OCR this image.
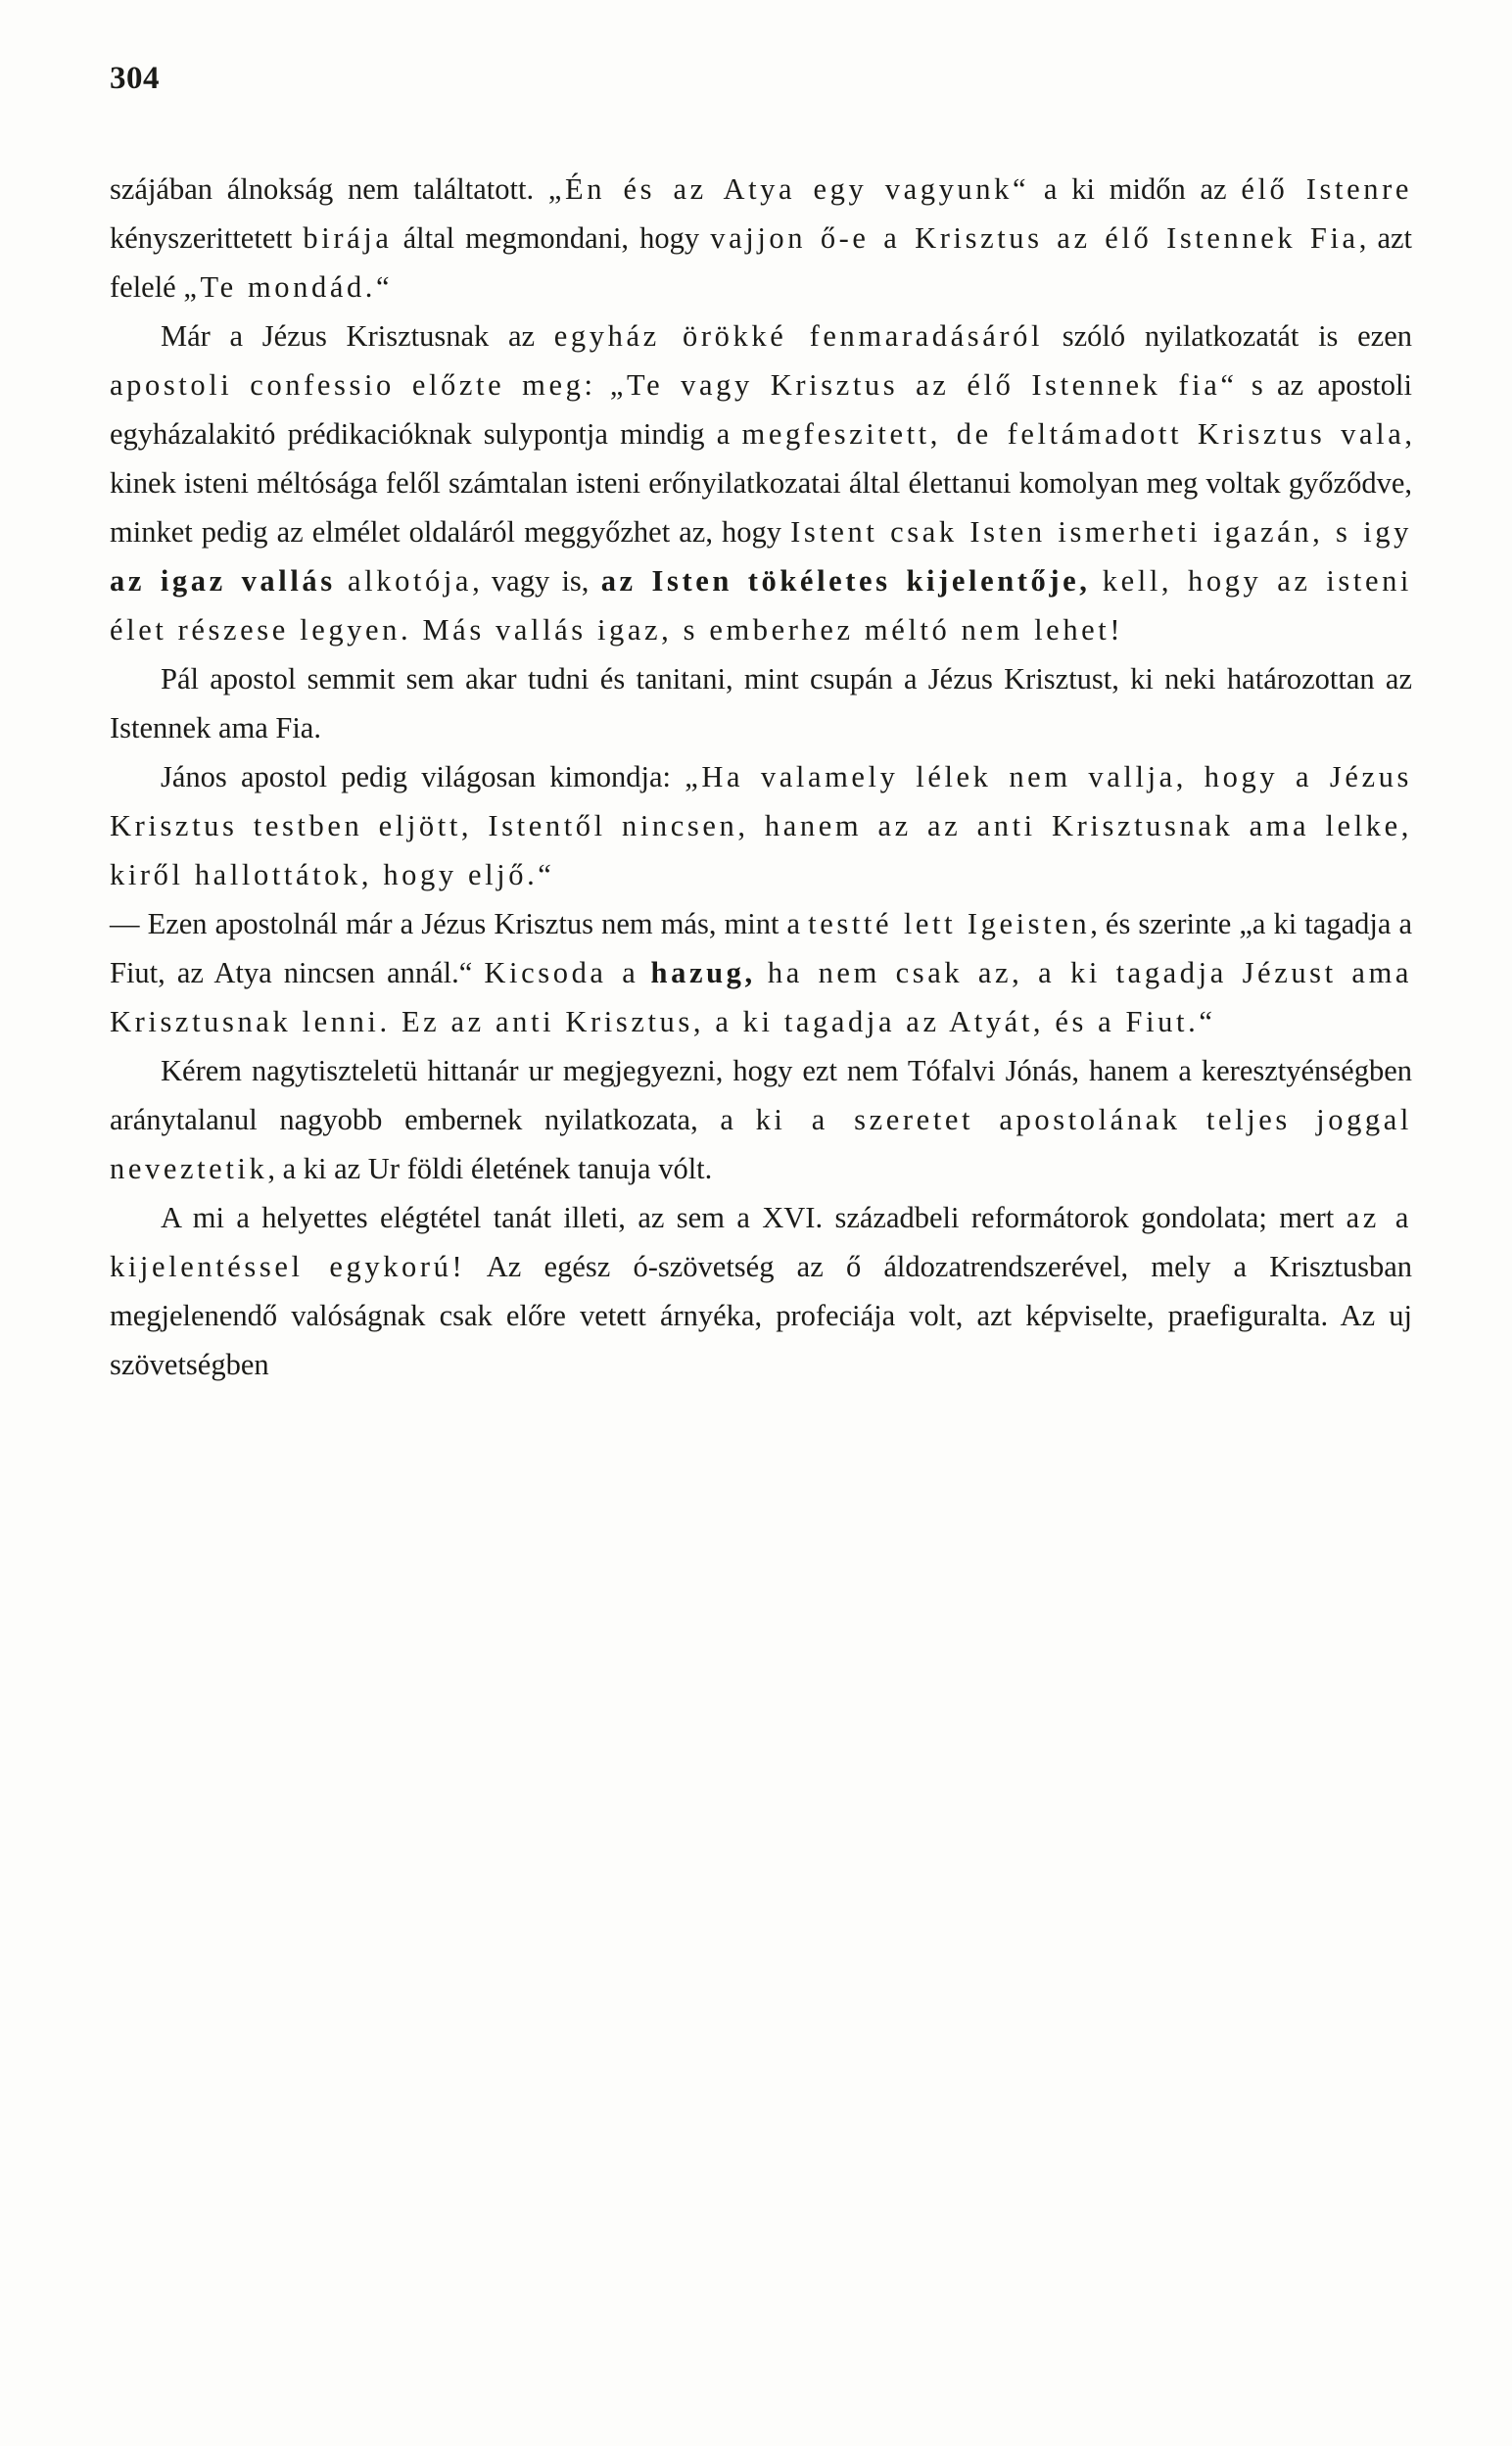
304

szájában álnokság nem találtatott. „Én és az Atya egy vagyunk“ a ki midőn az élő Istenre kényszerittetett birája által megmondani, hogy vajjon ő-e a Krisztus az élő Istennek Fia, azt felelé „Te mondád.“

Már a Jézus Krisztusnak az egyház örökké fenmaradásáról szóló nyilatkozatát is ezen apostoli confessio előzte meg: „Te vagy Krisztus az élő Istennek fia“ s az apostoli egyházalakitó prédikacióknak sulypontja mindig a megfeszitett, de feltámadott Krisztus vala, kinek isteni méltósága felől számtalan isteni erőnyilatkozatai által élettanui komolyan meg voltak győződve, minket pedig az elmélet oldaláról meggyőzhet az, hogy Istent csak Isten ismerheti igazán, s igy az igaz vallás alkotója, vagy is, az Isten tökéletes kijelentője, kell, hogy az isteni élet részese legyen. Más vallás igaz, s emberhez méltó nem lehet!

Pál apostol semmit sem akar tudni és tanitani, mint csupán a Jézus Krisztust, ki neki határozottan az Istennek ama Fia.

János apostol pedig világosan kimondja: „Ha valamely lélek nem vallja, hogy a Jézus Krisztus testben eljött, Istentől nincsen, hanem az az anti Krisztusnak ama lelke, kiről hallottátok, hogy eljő.“

— Ezen apostolnál már a Jézus Krisztus nem más, mint a testté lett Igeisten, és szerinte „a ki tagadja a Fiut, az Atya nincsen annál.“ Kicsoda a hazug, ha nem csak az, a ki tagadja Jézust ama Krisztusnak lenni. Ez az anti Krisztus, a ki tagadja az Atyát, és a Fiut.“

Kérem nagytiszteletü hittanár ur megjegyezni, hogy ezt nem Tófalvi Jónás, hanem a keresztyénségben aránytalanul nagyobb embernek nyilatkozata, a ki a szeretet apostolának teljes joggal neveztetik, a ki az Ur földi életének tanuja vólt.

A mi a helyettes elégtétel tanát illeti, az sem a XVI. századbeli reformátorok gondolata; mert az a kijelentéssel egykorú! Az egész ó-szövetség az ő áldozatrendszerével, mely a Krisztusban megjelenendő valóságnak csak előre vetett árnyéka, profeciája volt, azt képviselte, praefiguralta. Az uj szövetségben
